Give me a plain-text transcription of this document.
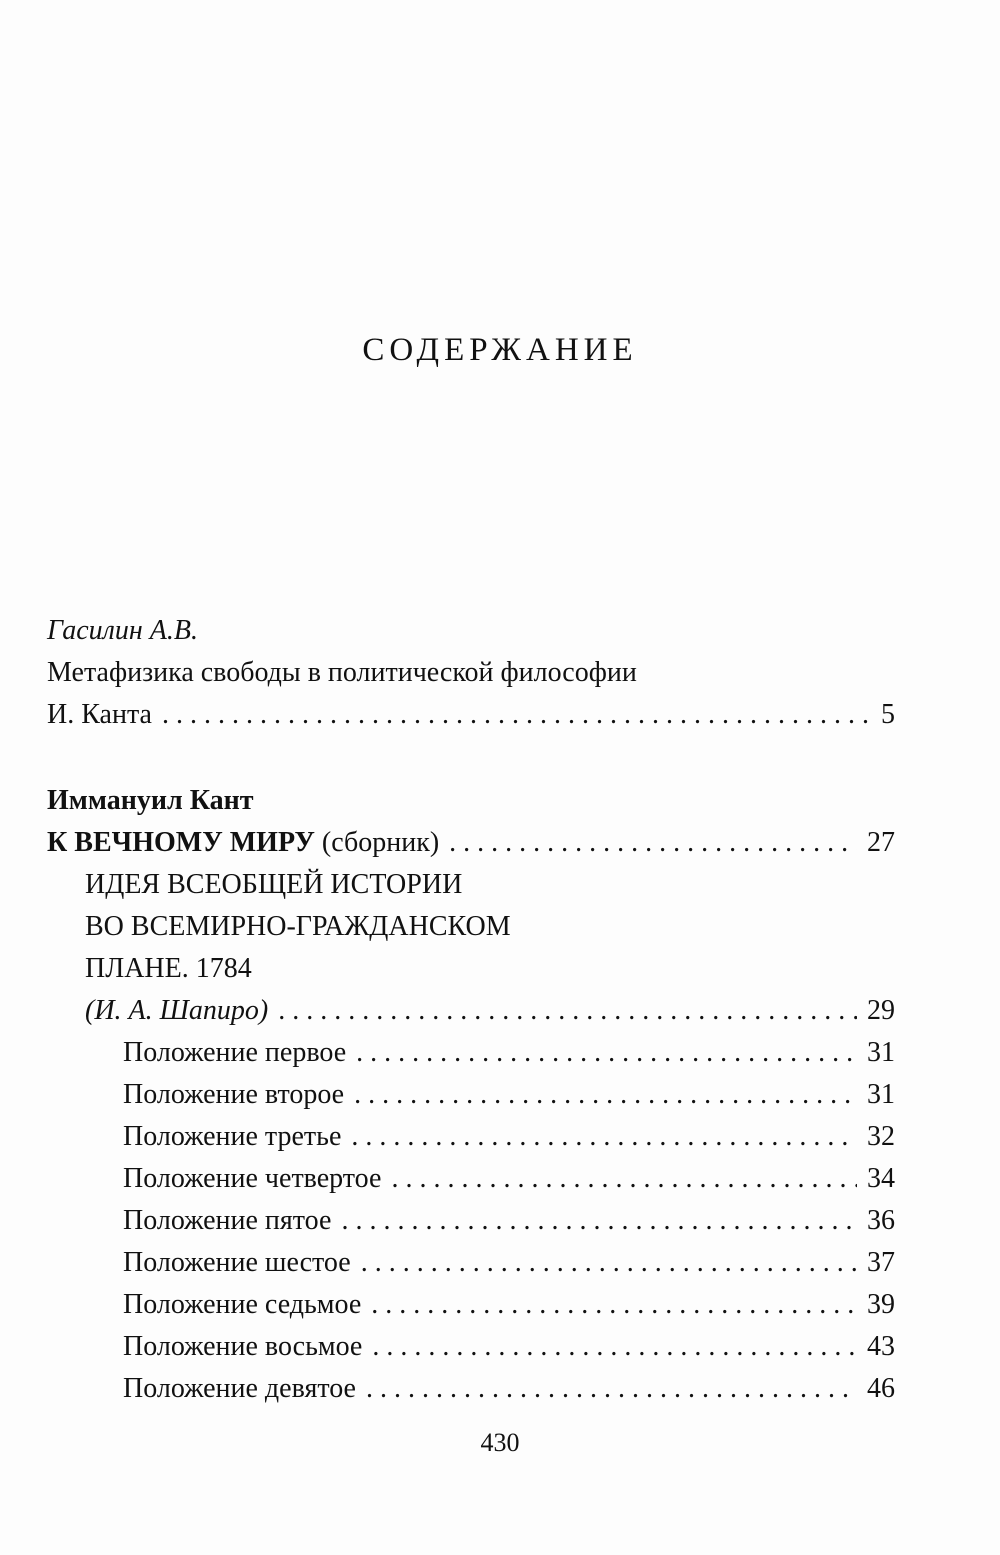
СОДЕРЖАНИЕ
Гасилин А.В.
Метафизика свободы в политической философии
И. Канта . . .	5
Иммануил Кант
К ВЕЧНОМУ МИРУ (сборник) . . .	27
ИДЕЯ ВСЕОБЩЕЙ ИСТОРИИ
ВО ВСЕМИРНО-ГРАЖДАНСКОМ
ПЛАНЕ. 1784
(И. А. Шапиро) . . .	29
Положение первое . . .	31
Положение второе . . .	31
Положение третье . . .	32
Положение четвертое . . .	34
Положение пятое . . .	36
Положение шестое . . .	37
Положение седьмое . . .	39
Положение восьмое . . .	43
Положение девятое . . .	46
430
